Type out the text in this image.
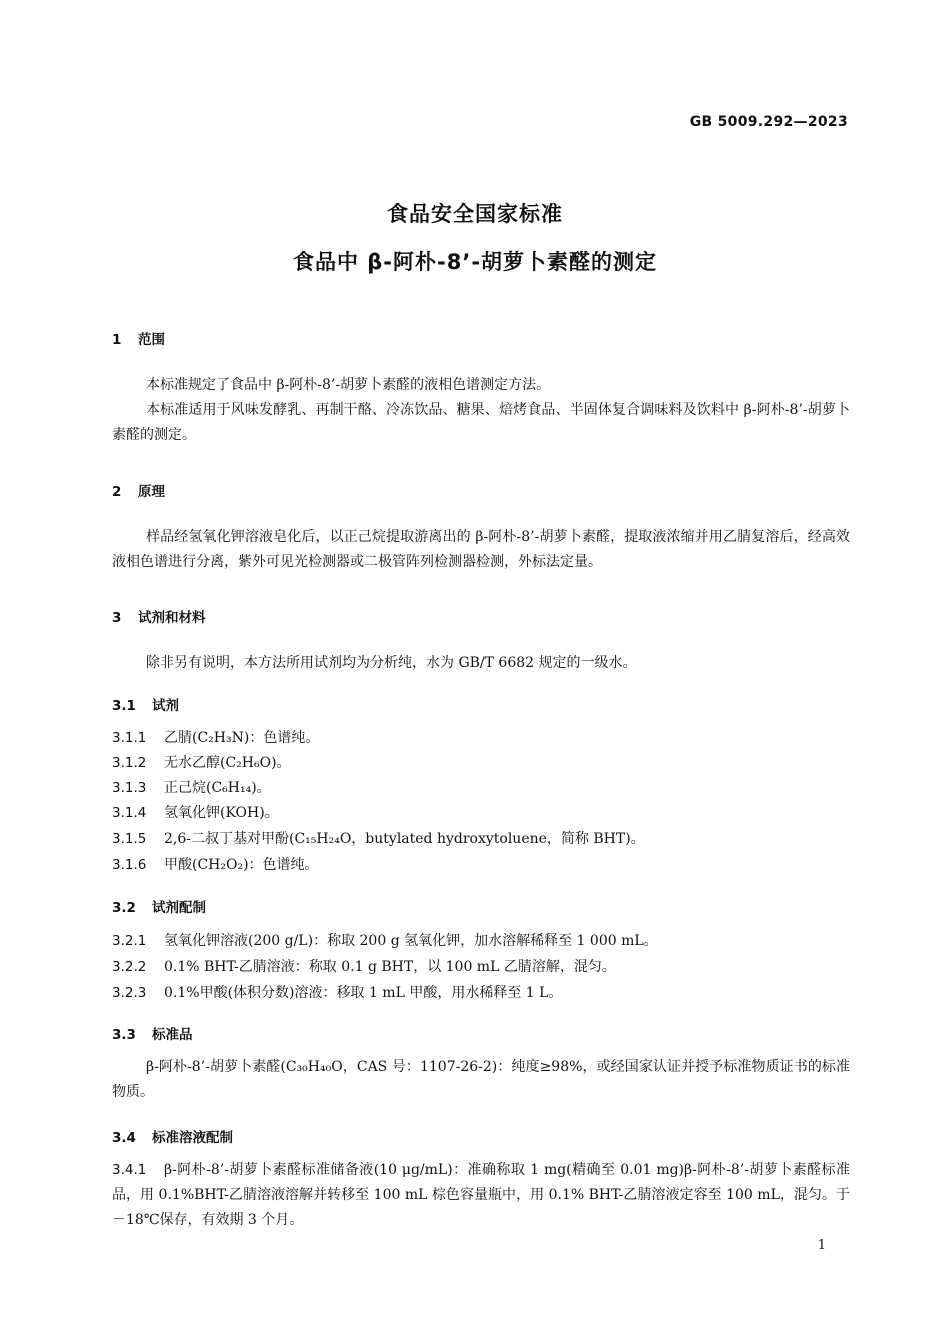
GB 5009.292—2023
食品安全国家标准
食品中 β-阿朴-8’-胡萝卜素醛的测定
1 范围
本标准规定了食品中 β-阿朴-8’-胡萝卜素醛的液相色谱测定方法。
本标准适用于风味发酵乳、再制干酪、冷冻饮品、糖果、焙烤食品、半固体复合调味料及饮料中 β-阿朴-8’-胡萝卜素醛的测定。
2 原理
样品经氢氧化钾溶液皂化后，以正己烷提取游离出的 β-阿朴-8’-胡萝卜素醛，提取液浓缩并用乙腈复溶后，经高效液相色谱进行分离，紫外可见光检测器或二极管阵列检测器检测，外标法定量。
3 试剂和材料
除非另有说明，本方法所用试剂均为分析纯，水为 GB/T 6682 规定的一级水。
3.1 试剂
3.1.1 乙腈(C₂H₃N)：色谱纯。
3.1.2 无水乙醇(C₂H₆O)。
3.1.3 正己烷(C₆H₁₄)。
3.1.4 氢氧化钾(KOH)。
3.1.5 2,6-二叔丁基对甲酚(C₁₅H₂₄O，butylated hydroxytoluene，简称 BHT)。
3.1.6 甲酸(CH₂O₂)：色谱纯。
3.2 试剂配制
3.2.1 氢氧化钾溶液(200 g/L)：称取 200 g 氢氧化钾，加水溶解稀释至 1 000 mL。
3.2.2 0.1% BHT-乙腈溶液：称取 0.1 g BHT，以 100 mL 乙腈溶解，混匀。
3.2.3 0.1%甲酸(体积分数)溶液：移取 1 mL 甲酸，用水稀释至 1 L。
3.3 标准品
β-阿朴-8’-胡萝卜素醛(C₃₀H₄₀O，CAS 号：1107-26-2)：纯度≥98%，或经国家认证并授予标准物质证书的标准物质。
3.4 标准溶液配制
3.4.1 β-阿朴-8’-胡萝卜素醛标准储备液(10 μg/mL)：准确称取 1 mg(精确至 0.01 mg)β-阿朴-8’-胡萝卜素醛标准品，用 0.1%BHT-乙腈溶液溶解并转移至 100 mL 棕色容量瓶中，用 0.1% BHT-乙腈溶液定容至 100 mL，混匀。于－18℃保存，有效期 3 个月。
1
